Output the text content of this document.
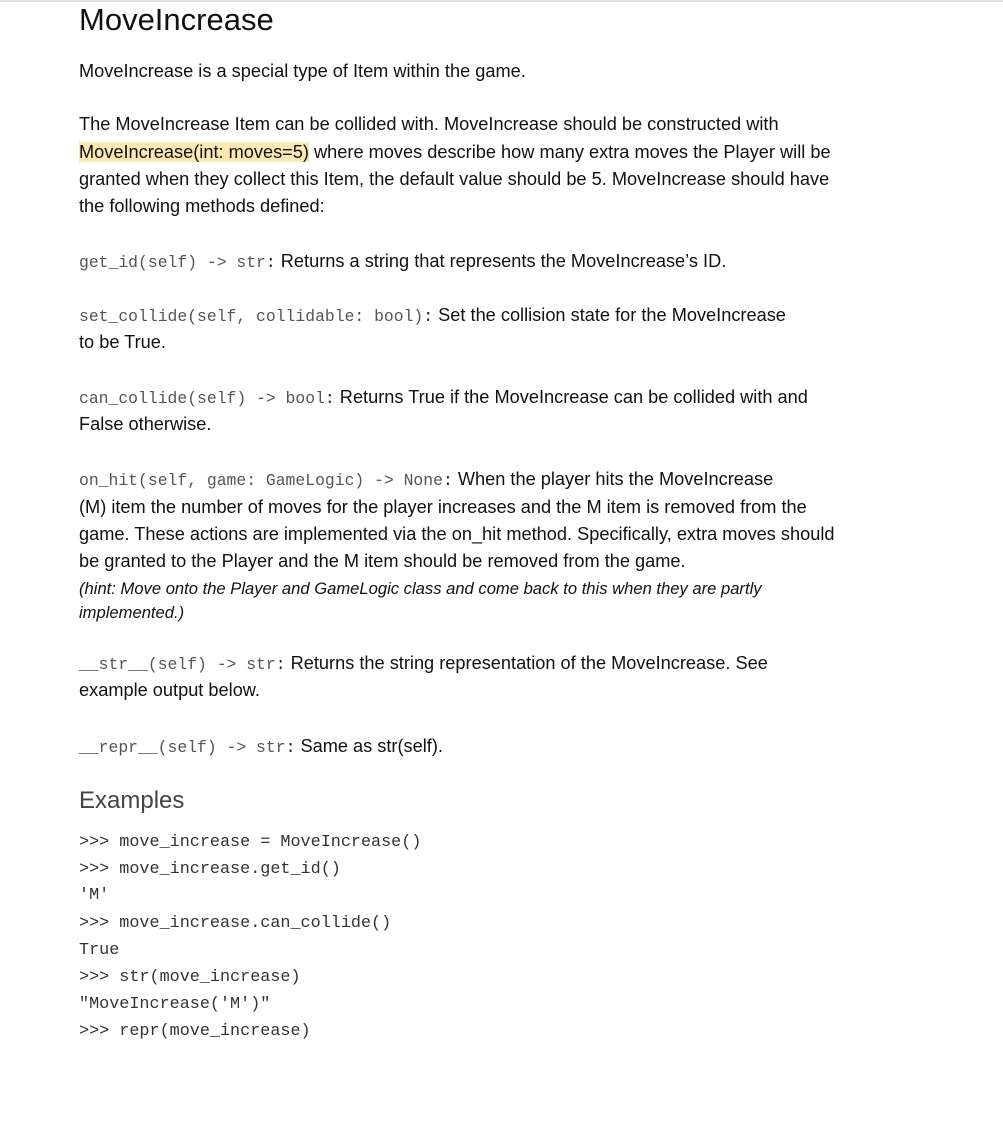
MoveIncrease

MoveIncrease is a special type of Item within the game.

The MoveIncrease Item can be collided with. MoveIncrease should be constructed with

MoveIncrease(int: moves=5) where moves describe how many extra moves the Player will be

granted when they collect this Item, the default value should be 5. MoveIncrease should have

the following methods defined:

get_id(self) -> str: Returns a string that represents the MoveIncrease’s ID.

set_collide(self, collidable: bool): Set the collision state for the MoveIncrease

to be True.

can_collide(self) -> bool: Returns True if the MoveIncrease can be collided with and

False otherwise.

on_hit(self, game: GameLogic) -> None: When the player hits the MoveIncrease

(M) item the number of moves for the player increases and the M item is removed from the

game. These actions are implemented via the on_hit method. Specifically, extra moves should

be granted to the Player and the M item should be removed from the game.

(hint: Move onto the Player and GameLogic class and come back to this when they are partly

implemented.)

__str__(self) -> str: Returns the string representation of the MoveIncrease. See

example output below.

__repr__(self) -> str: Same as str(self).

Examples
>>> move_increase = MoveIncrease()
>>> move_increase.get_id()
'M'
>>> move_increase.can_collide()
True
>>> str(move_increase)
"MoveIncrease('M')"
>>> repr(move_increase)
